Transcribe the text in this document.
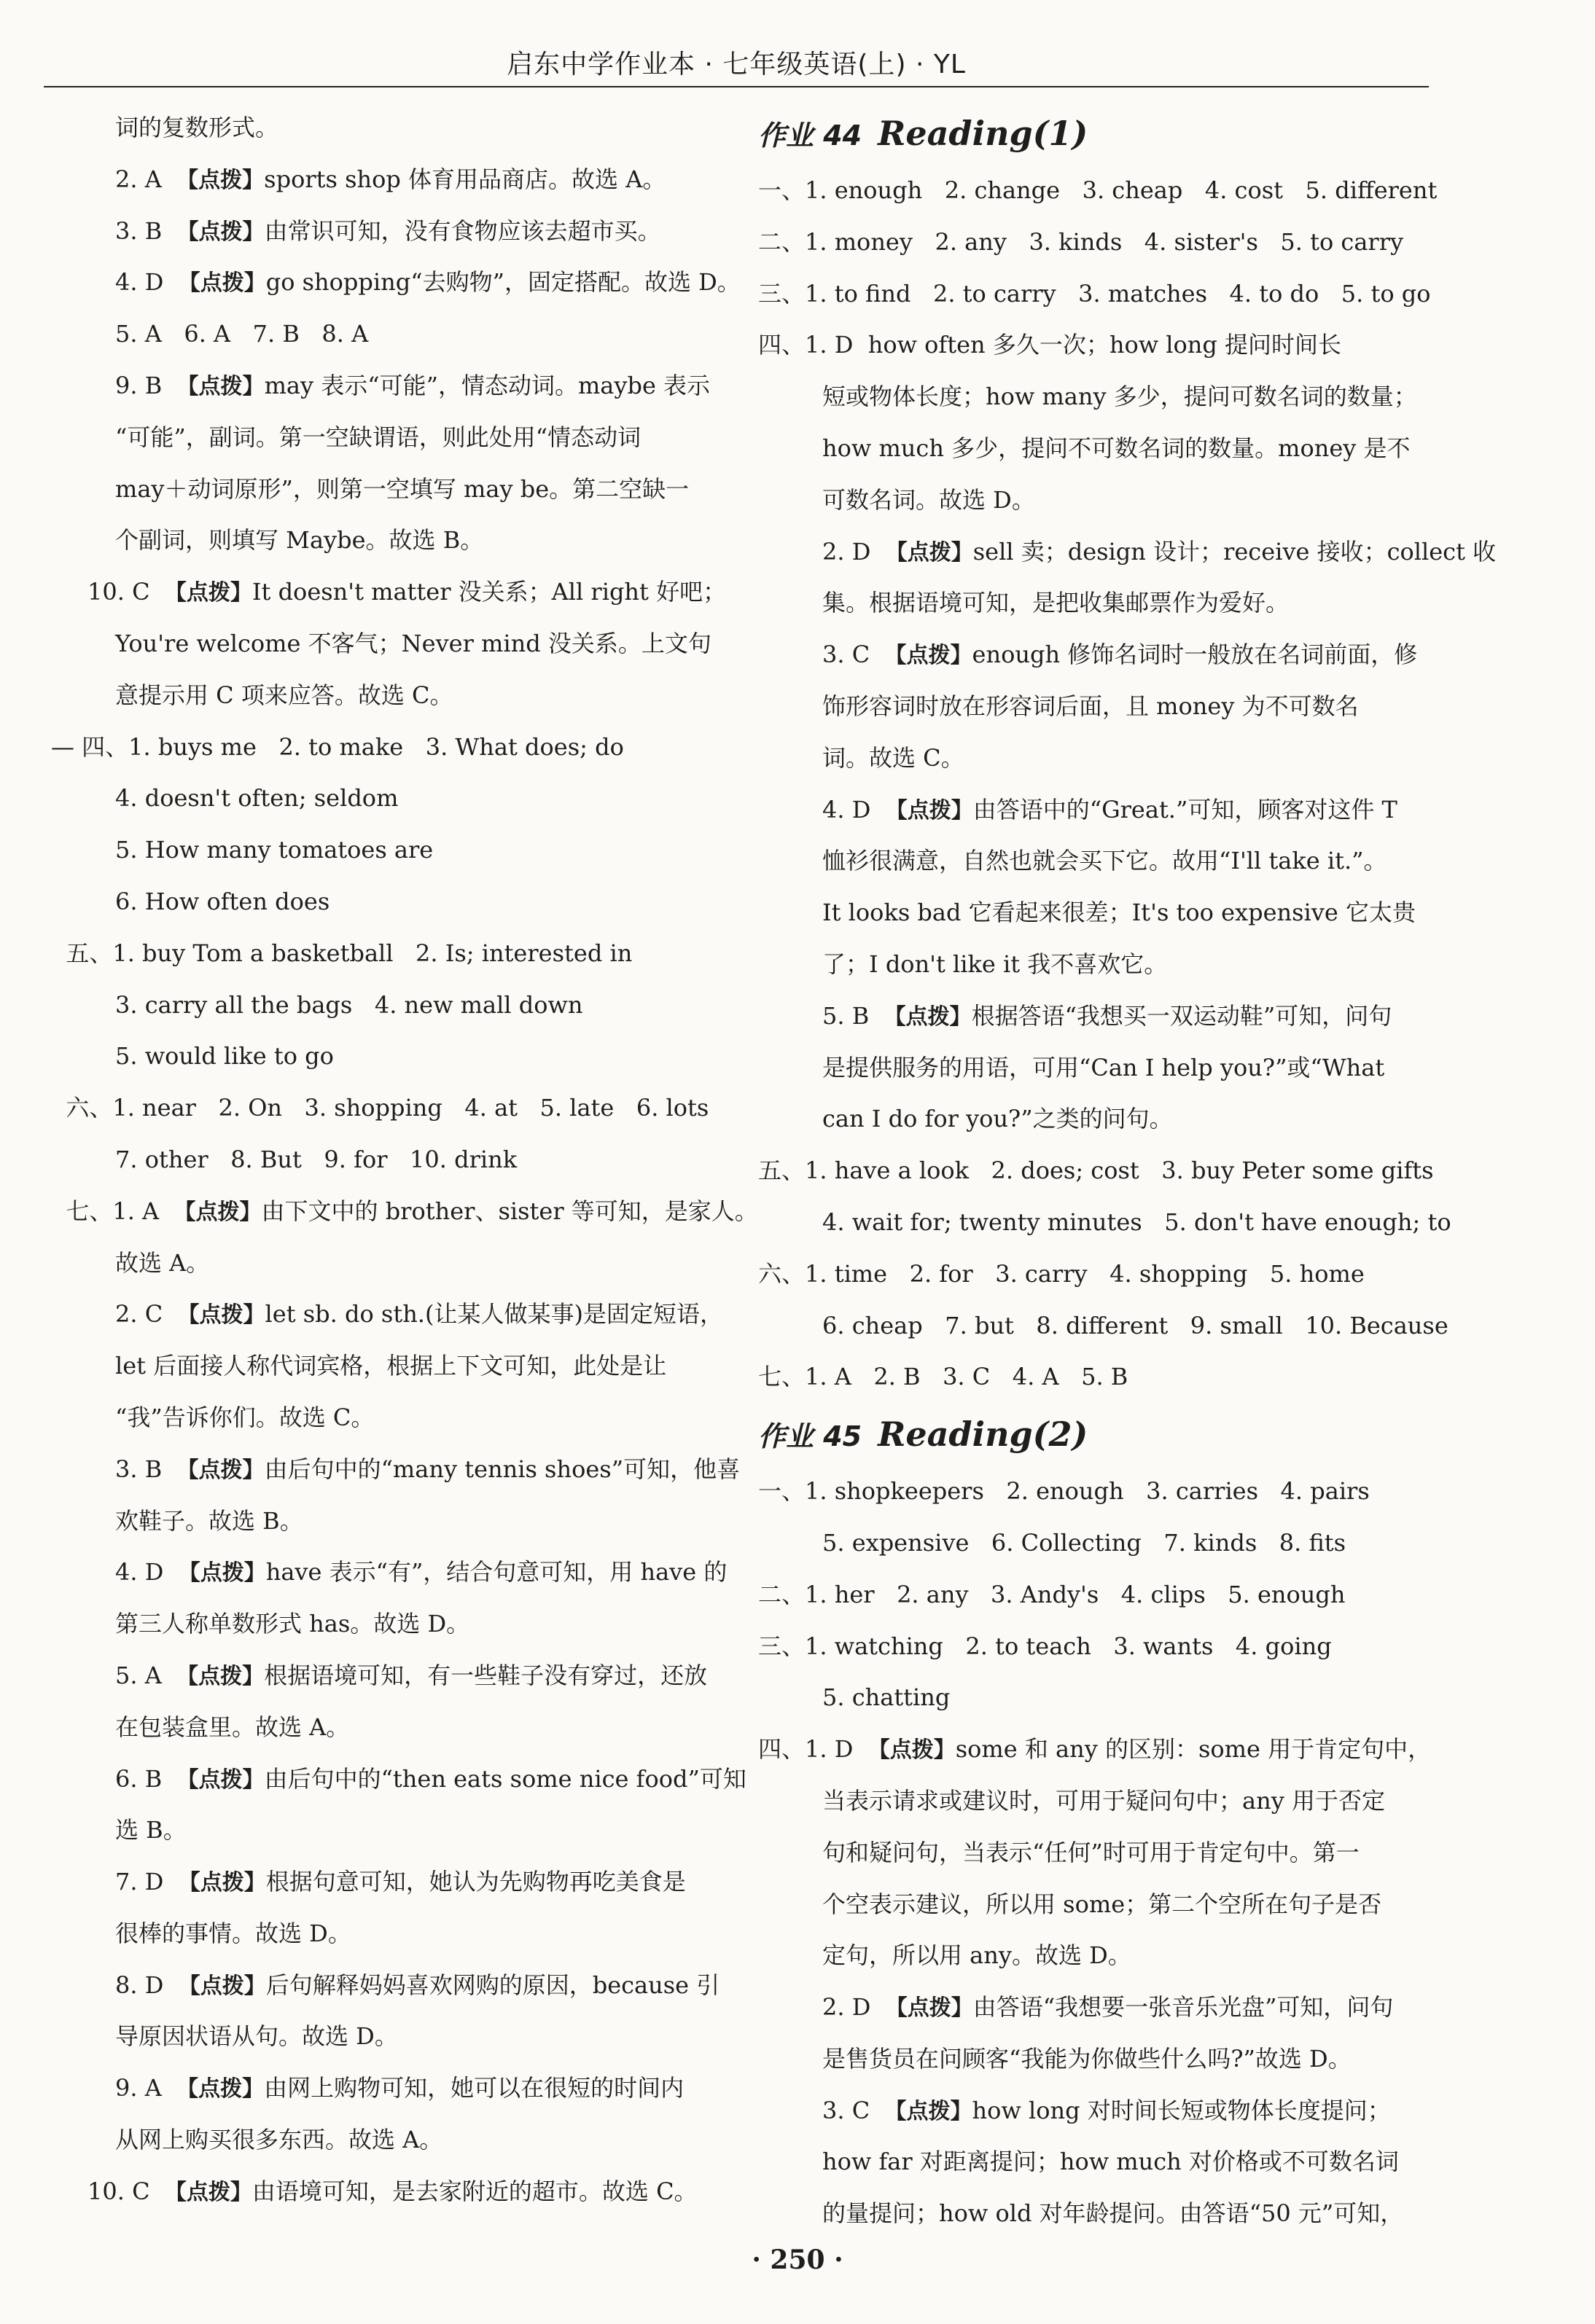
启东中学作业本 · 七年级英语(上) · YL
词的复数形式。
2. A 【点拨】sports shop 体育用品商店。故选 A。
3. B 【点拨】由常识可知，没有食物应该去超市买。
4. D 【点拨】go shopping“去购物”，固定搭配。故选 D。
5. A   6. A   7. B   8. A
9. B 【点拨】may 表示“可能”，情态动词。maybe 表示
“可能”，副词。第一空缺谓语，则此处用“情态动词
may＋动词原形”，则第一空填写 may be。第二空缺一
个副词，则填写 Maybe。故选 B。
10. C 【点拨】It doesn't matter 没关系；All right 好吧；
You're welcome 不客气；Never mind 没关系。上文句
意提示用 C 项来应答。故选 C。
— 四、1. buys me   2. to make   3. What does; do
4. doesn't often; seldom
5. How many tomatoes are
6. How often does
五、1. buy Tom a basketball   2. Is; interested in
3. carry all the bags   4. new mall down
5. would like to go
六、1. near   2. On   3. shopping   4. at   5. late   6. lots
7. other   8. But   9. for   10. drink
七、1. A 【点拨】由下文中的 brother、sister 等可知，是家人。
故选 A。
2. C 【点拨】let sb. do sth.(让某人做某事)是固定短语，
let 后面接人称代词宾格，根据上下文可知，此处是让
“我”告诉你们。故选 C。
3. B 【点拨】由后句中的“many tennis shoes”可知，他喜
欢鞋子。故选 B。
4. D 【点拨】have 表示“有”，结合句意可知，用 have 的
第三人称单数形式 has。故选 D。
5. A 【点拨】根据语境可知，有一些鞋子没有穿过，还放
在包装盒里。故选 A。
6. B 【点拨】由后句中的“then eats some nice food”可知
选 B。
7. D 【点拨】根据句意可知，她认为先购物再吃美食是
很棒的事情。故选 D。
8. D 【点拨】后句解释妈妈喜欢网购的原因，because 引
导原因状语从句。故选 D。
9. A 【点拨】由网上购物可知，她可以在很短的时间内
从网上购买很多东西。故选 A。
10. C 【点拨】由语境可知，是去家附近的超市。故选 C。
作业 44 Reading(1)
一、1. enough   2. change   3. cheap   4. cost   5. different
二、1. money   2. any   3. kinds   4. sister's   5. to carry
三、1. to find   2. to carry   3. matches   4. to do   5. to go
四、1. D  how often 多久一次；how long 提问时间长
短或物体长度；how many 多少，提问可数名词的数量；
how much 多少，提问不可数名词的数量。money 是不
可数名词。故选 D。
2. D 【点拨】sell 卖；design 设计；receive 接收；collect 收
集。根据语境可知，是把收集邮票作为爱好。
3. C 【点拨】enough 修饰名词时一般放在名词前面，修
饰形容词时放在形容词后面，且 money 为不可数名
词。故选 C。
4. D 【点拨】由答语中的“Great.”可知，顾客对这件 T
恤衫很满意，自然也就会买下它。故用“I'll take it.”。
It looks bad 它看起来很差；It's too expensive 它太贵
了；I don't like it 我不喜欢它。
5. B 【点拨】根据答语“我想买一双运动鞋”可知，问句
是提供服务的用语，可用“Can I help you?”或“What
can I do for you?”之类的问句。
五、1. have a look   2. does; cost   3. buy Peter some gifts
4. wait for; twenty minutes   5. don't have enough; to
六、1. time   2. for   3. carry   4. shopping   5. home
6. cheap   7. but   8. different   9. small   10. Because
七、1. A   2. B   3. C   4. A   5. B
作业 45 Reading(2)
一、1. shopkeepers   2. enough   3. carries   4. pairs
5. expensive   6. Collecting   7. kinds   8. fits
二、1. her   2. any   3. Andy's   4. clips   5. enough
三、1. watching   2. to teach   3. wants   4. going
5. chatting
四、1. D 【点拨】some 和 any 的区别：some 用于肯定句中，
当表示请求或建议时，可用于疑问句中；any 用于否定
句和疑问句，当表示“任何”时可用于肯定句中。第一
个空表示建议，所以用 some；第二个空所在句子是否
定句，所以用 any。故选 D。
2. D 【点拨】由答语“我想要一张音乐光盘”可知，问句
是售货员在问顾客“我能为你做些什么吗?”故选 D。
3. C 【点拨】how long 对时间长短或物体长度提问；
how far 对距离提问；how much 对价格或不可数名词
的量提问；how old 对年龄提问。由答语“50 元”可知，
· 250 ·
